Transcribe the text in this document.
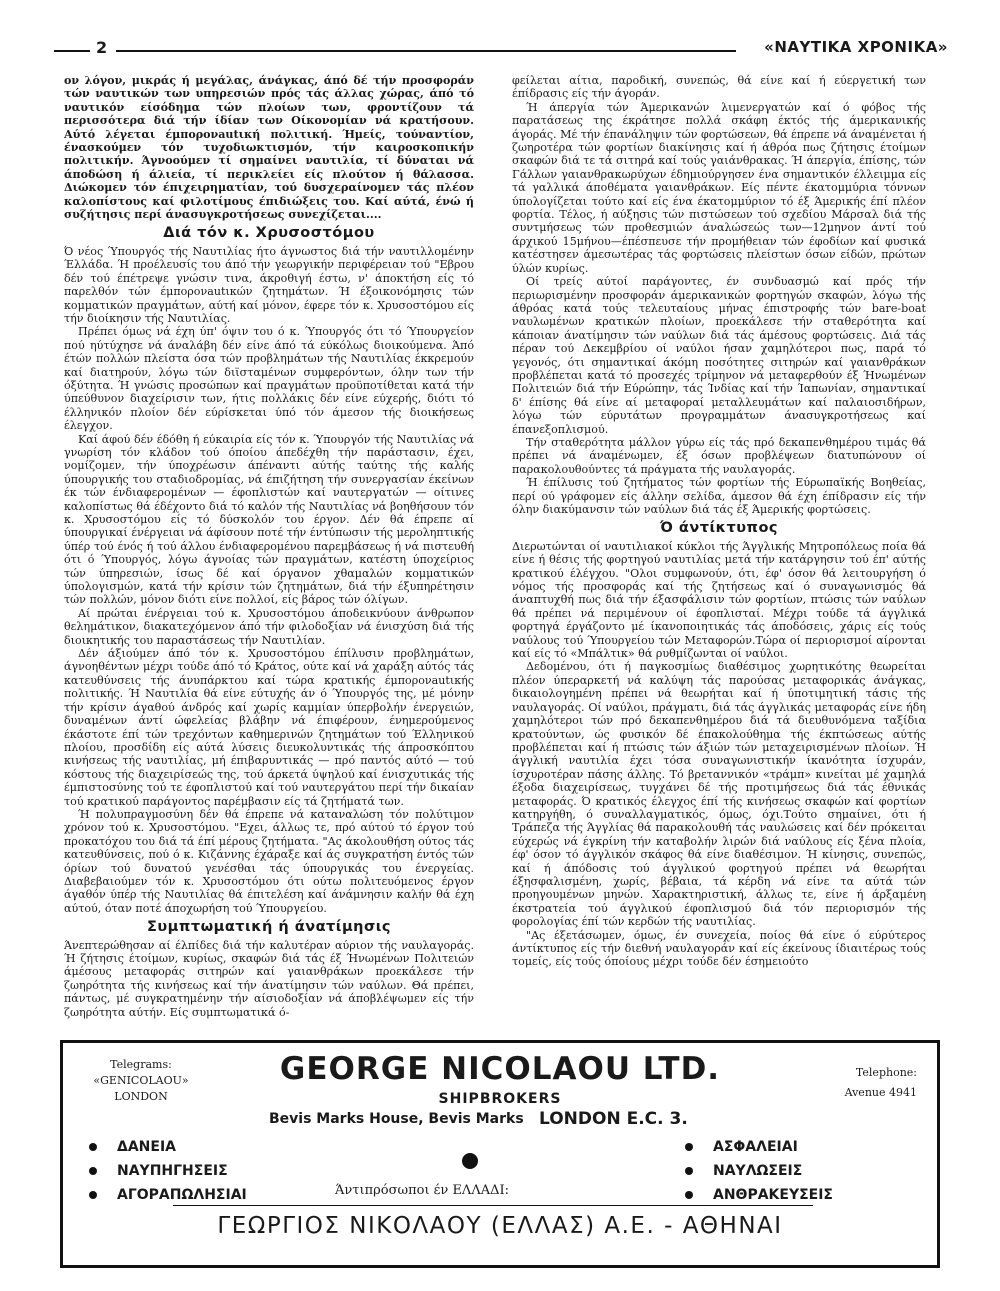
2	«ΝΑΥΤΙΚΑ ΧΡΟΝΙΚΑ»

ον λόγον, μικράς ή μεγάλας, άνάγκας, άπό δέ τήν προσφοράν τών ναυτικών των υπηρεσιών πρός τάς άλλας χώρας, άπό τό ναυτικόν είσόδημα τών πλοίων των, φροντίζουν τά περισσότερα διά τήν ίδίαν των Οίκονομίαν νά κρατήσουν. Αύτό λέγεται έμπορονautική πολιτική. Ήμείς, τούναντίον, ένασκούμεν τόν τυχοδιωκτισμόν, τήν καιροσκοπικήν πολιτικήν. Άγνοούμεν τί σημαίνει ναυτιλία, τί δύναται νά άποδώση ή άλιεία, τί περικλείει είς πλούτον ή θάλασσα. Διώκομεν τόν έπιχειρηματίαν, τού δυσχεραίνομεν τάς πλέον καλοπίστους καί φιλοτίμους έπιδιώξεις του. Καί αύτά, ένώ ή συζήτησις περί άνασυγκροτήσεως συνεχίζεται....

Διά τόν κ. Χρυσοστόμου

Ό νέος Ύπουργός τής Ναυτιλίας ήτο άγνωστος διά τήν ναυτιλλομένην Έλλάδα. Ή προέλευσίς του άπό τήν γεωργικήν περιφέρειαν τού "Εβρου δέν τού έπέτρεψε γνώσιν τινα, άκροθιγή έστω, ν' άποκτήση είς τό παρελθόν τών έμπορονautικών ζητημάτων. Ή έξοικονόμησις τών κομματικών πραγμάτων, αύτή καί μόνον, έφερε τόν κ. Χρυσοστόμου είς τήν διοίκησιν τής Ναυτιλίας.

Πρέπει όμως νά έχη ύπ' όψιν του ό κ. Ύπουργός ότι τό Ύπουργείον πού ηύτύχησε νά άναλάβη δέν είνε άπό τά εύκόλως διοικούμενα. Άπό έτών πολλών πλείστα όσα τών προβλημάτων τής Ναυτιλίας έκκρεμούν καί διατηρούν, λόγω τών διϊσταμένων συμφερόντων, όλην των τήν όξύτητα. Ή γνώσις προσώπων καί πραγμάτων προϋποτίθεται κατά τήν ύπεύθυνον διαχείρισιν των, ήτις πολλάκις δέν είνε εύχερής, διότι τό έλληνικόν πλοίον δέν εύρίσκεται ύπό τόν άμεσον τής διοικήσεως έλεγχον.

Καί άφού δέν έδόθη ή εύκαιρία είς τόν κ. Ύπουργόν τής Ναυτιλίας νά γνωρίση τόν κλάδον τού όποίου άπεδέχθη τήν παράστασιν, έχει, νομίζομεν, τήν ύποχρέωσιν άπέναντι αύτής ταύτης τής καλής ύπουργικής του σταδιοδρομίας, νά έπιζήτηση τήν συνεργασίαν έκείνων έκ τών ένδιαφερομένων — έφοπλιστών καί ναυτεργατών — οίτινες καλοπίστως θά έδέχοντο διά τό καλόν τής Ναυτιλίας νά βοηθήσουν τόν κ. Χρυσοστόμου είς τό δύσκολόν του έργον. Δέν θά έπρεπε αί ύπουργικαί ένέργειαι νά άφίσουν ποτέ τήν έντύπωσιν τής μεροληπτικής ύπέρ τού ένός ή τού άλλου ένδιαφερομένου παρεμβάσεως ή νά πιστευθή ότι ό Ύπουργός, λόγω άγνοίας τών πραγμάτων, κατέστη ύποχείριος τών ύπηρεσιών, ίσως δέ καί όργανον χθαμαλών κομματικών ύπολογισμών, κατά τήν κρίσιν τών ζητημάτων, διά τήν έξυπηρέτησιν τών πολλών, μόνον διότι είνε πολλοί, είς βάρος τών όλίγων.

Αί πρώται ένέργειαι τού κ. Χρυσοστόμου άποδεικνύουν άνθρωπον θελημάτικον, διακατεχόμενον άπό τήν φιλοδοξίαν νά ένισχύση διά τής διοικητικής του παραστάσεως τήν Ναυτιλίαν.

Δέν άξιούμεν άπό τόν κ. Χρυσοστόμου έπίλυσιν προβλημάτων, άγνοηθέντων μέχρι τούδε άπό τό Κράτος, ούτε καί νά χαράξη αύτός τάς κατευθύνσεις τής άνυπάρκτου καί τώρα κρατικής έμπορονautικής πολιτικής. Ή Ναυτιλία θά είνε εύτυχής άν ό Ύπουργός της, μέ μόνην τήν κρίσιν άγαθού άνδρός καί χωρίς καμμίαν ύπερβολήν ένεργειών, δυναμένων άντί ώφελείας βλάβην νά έπιφέρουν, ένημερούμενος έκάστοτε έπί τών τρεχόντων καθημερινών ζητημάτων τού Έλληνικού πλοίου, προσδίδη είς αύτά λύσεις διευκολυντικάς τής άπροσκόπτου κινήσεως τής ναυτιλίας, μή έπιβαρυντικάς — πρό παντός αύτό — τού κόστους τής διαχειρίσεώς της, τού άρκετά ύψηλού καί ένισχυτικάς τής έμπιστοσύνης τού τε έφοπλιστού καί τού ναυτεργάτου περί τήν δικαίαν τού κρατικού παράγοντος παρέμβασιν είς τά ζητήματά των.

Ή πολυπραγμοσύνη δέν θά έπρεπε νά καταναλώση τόν πολύτιμον χρόνον τού κ. Χρυσοστόμου. "Εχει, άλλως τε, πρό αύτού τό έργον τού προκατόχου του διά τά έπί μέρους ζητήματα. "Ας άκολουθήση ούτος τάς κατευθύνσεις, πού ό κ. Κιζάννης έχάραξε καί άς συγκρατήση έντός τών όρίων τού δυνατού γενέσθαι τάς ύπουργικάς του ένεργείας. Διαβεβαιούμεν τόν κ. Χρυσοστόμου ότι ούτω πολιτευόμενος έργον άγαθόν ύπέρ τής Ναυτιλίας θά έπιτελέση καί άνάμνησιν καλήν θά έχη αύτού, όταν ποτέ άποχωρήση τού Ύπουργείου.

Συμπτωματική ή άνατίμησις

Άνεπτερώθησαν αί έλπίδες διά τήν καλυτέραν αύριον τής ναυλαγοράς. Ή ζήτησις έτοίμων, κυρίως, σκαφών διά τάς έξ Ήνωμένων Πολιτειών άμέσους μεταφοράς σιτηρών καί γαιανθράκων προεκάλεσε τήν ζωηρότητα τής κινήσεως καί τήν άνατίμησιν τών ναύλων. Θά πρέπει, πάντως, μέ συγκρατημένην τήν αίσιοδοξίαν νά άποβλέψωμεν είς τήν ζωηρότητα αύτήν. Είς συμπτωματικά ό-

φείλεται αίτια, παροδική, συνεπώς, θά είνε καί ή εύεργετική των έπίδρασις είς τήν άγοράν.

Ή άπεργία τών Άμερικανών λιμενεργατών καί ό φόβος τής παρατάσεως της έκράτησε πολλά σκάφη έκτός τής άμερικανικής άγοράς. Μέ τήν έπανάληψιν τών φορτώσεων, θά έπρεπε νά άναμένεται ή ζωηροτέρα τών φορτίων διακίνησις καί ή άθρόα πως ζήτησις έτοίμων σκαφών διά τε τά σιτηρά καί τούς γαιάνθρακας. Ή άπεργία, έπίσης, τών Γάλλων γαιανθρακωρύχων έδημιούργησεν ένα σημαντικόν έλλειμμα είς τά γαλλικά άποθέματα γαιανθράκων. Είς πέντε έκατομμύρια τόννων ύπολογίζεται τούτο καί είς ένα έκατομμύριον τό έξ Άμερικής έπί πλέον φορτία. Τέλος, ή αύξησις τών πιστώσεων τού σχεδίου Μάρσαλ διά τής συντμήσεως τών προθεσμιών άναλώσεώς των—12μηνον άντί τού άρχικού 15μήνου—έπέσπευσε τήν προμήθειαν τών έφοδίων καί φυσικά κατέστησεν άμεσωτέρας τάς φορτώσεις πλείστων όσων είδών, πρώτων ύλών κυρίως.

Οί τρείς αύτοί παράγοντες, έν συνδυασμώ καί πρός τήν περιωρισμένην προσφοράν άμερικανικών φορτηγών σκαφών, λόγω τής άθρόας κατά τούς τελευταίους μήνας έπιστροφής τών bare-boat ναυλωμένων κρατικών πλοίων, προεκάλεσε τήν σταθερότητα καί κάποιαν άνατίμησιν τών ναύλων διά τάς άμέσους φορτώσεις. Διά τάς πέραν τού Δεκεμβρίου οί ναύλοι ήσαν χαμηλότεροι πως, παρά τό γεγονός, ότι σημαντικαί άκόμη ποσότητες σιτηρών καί γαιανθράκων προβλέπεται κατά τό προσεχές τρίμηνον νά μεταφερθούν έξ Ήνωμένων Πολιτειών διά τήν Εύρώπην, τάς Ίνδίας καί τήν Ίαπωνίαν, σημαντικαί δ' έπίσης θά είνε αί μεταφοραί μεταλλευμάτων καί παλαιοσιδήρων, λόγω τών εύρυτάτων προγραμμάτων άνασυγκροτήσεως καί έπανεξοπλισμού.

Τήν σταθερότητα μάλλον γύρω είς τάς πρό δεκαπενθημέρου τιμάς θά πρέπει νά άναμένωμεν, έξ όσων προβλέψεων διατυπώνουν οί παρακολουθούντες τά πράγματα τής ναυλαγοράς.

Ή έπίλυσις τού ζητήματος τών φορτίων τής Εύρωπαϊκής Βοηθείας, περί ού γράφομεν είς άλλην σελίδα, άμεσον θά έχη έπίδρασιν είς τήν όλην διακύμανσιν τών ναύλων διά τάς έξ Άμερικής φορτώσεις.

Ό άντίκτυπος

Διερωτώνται οί ναυτιλιακοί κύκλοι τής Άγγλικής Μητροπόλεως ποία θά είνε ή θέσις τής φορτηγού ναυτιλίας μετά τήν κατάργησιν τού έπ' αύτής κρατικού έλέγχου. "Ολοι συμφωνούν, ότι, έφ' όσον θά λειτουργήση ό νόμος τής προσφοράς καί τής ζητήσεως καί ό συναγωνισμός θά άναπτυχθή πως διά τήν έξασφάλισιν τών φορτίων, πτώσις τών ναύλων θά πρέπει νά περιμένουν οί έφοπλισταί. Μέχρι τούδε τά άγγλικά φορτηγά έργάζοντο μέ ίκανοποιητικάς τάς άποδόσεις, χάρις είς τούς ναύλους τού Ύπουργείου τών Μεταφορών.Τώρα οί περιορισμοί αίρονται καί είς τό «Μπάλτικ» θά ρυθμίζωνται οί ναύλοι.

Δεδομένου, ότι ή παγκοσμίως διαθέσιμος χωρητικότης θεωρείται πλέον ύπεραρκετή νά καλύψη τάς παρούσας μεταφορικάς άνάγκας, δικαιολογημένη πρέπει νά θεωρήται καί ή ύποτιμητική τάσις τής ναυλαγοράς. Οί ναύλοι, πράγματι, διά τάς άγγλικάς μεταφοράς είνε ήδη χαμηλότεροι τών πρό δεκαπενθημέρου διά τά διευθυνόμενα ταξίδια κρατούντων, ώς φυσικόν δέ έπακολούθημα τής έκπτώσεως αύτής προβλέπεται καί ή πτώσις τών άξιών τών μεταχειρισμένων πλοίων. Ή άγγλική ναυτιλία έχει τόσα συναγωνιστικήν ίκανότητα ίσχυράν, ίσχυροτέραν πάσης άλλης. Τό βρεταννικόν «τράμπ» κινείται μέ χαμηλά έξοδα διαχειρίσεως, τυγχάνει δέ τής προτιμήσεως διά τάς έθνικάς μεταφοράς. Ό κρατικός έλεγχος έπί τής κινήσεως σκαφών καί φορτίων κατηργήθη, ό συναλλαγματικός, όμως, όχι.Τούτο σημαίνει, ότι ή Τράπεζα τής Άγγλίας θά παρακολουθή τάς ναυλώσεις καί δέν πρόκειται εύχερώς νά έγκρίνη τήν καταβολήν λιρών διά ναύλους είς ξένα πλοία, έφ' όσον τό άγγλικόν σκάφος θά είνε διαθέσιμον. Ή κίνησις, συνεπώς, καί ή άπόδοσις τού άγγλικού φορτηγού πρέπει νά θεωρήται έξησφαλισμένη, χωρίς, βέβαια, τά κέρδη νά είνε τα αύτά τών προηγουμένων μηνών. Χαρακτηριστική, άλλως τε, είνε ή άρξαμένη έκστρατεία τού άγγλικού έφοπλισμού διά τόν περιορισμόν τής φορολογίας έπί τών κερδών τής ναυτιλίας.

"Ας έξετάσωμεν, όμως, έν συνεχεία, ποίος θά είνε ό εύρύτερος άντίκτυπος είς τήν διεθνή ναυλαγοράν καί είς έκείνους ίδιαιτέρως τούς τομείς, είς τούς όποίους μέχρι τούδε δέν έσημειούτο

Telegrams:
«GENICOLAOU»
LONDON
Telephone:
Avenue 4941
GEORGE NICOLAOU LTD.
SHIPBROKERS
Bevis Marks House, Bevis Marks LONDON E.C. 3.
ΔΑΝΕΙΑ
ΝΑΥΠΗΓΗΣΕΙΣ
ΑΓΟΡΑΠΩΛΗΣΙΑΙ
ΑΣΦΑΛΕΙΑΙ
ΝΑΥΛΩΣΕΙΣ
ΑΝΘΡΑΚΕΥΣΕΙΣ
Άντιπρόσωποι έν ΕΛΛΑΔΙ:
ΓΕΩΡΓΙΟΣ ΝΙΚΟΛΑΟΥ (ΕΛΛΑΣ) Α.Ε. - ΑΘΗΝΑΙ
